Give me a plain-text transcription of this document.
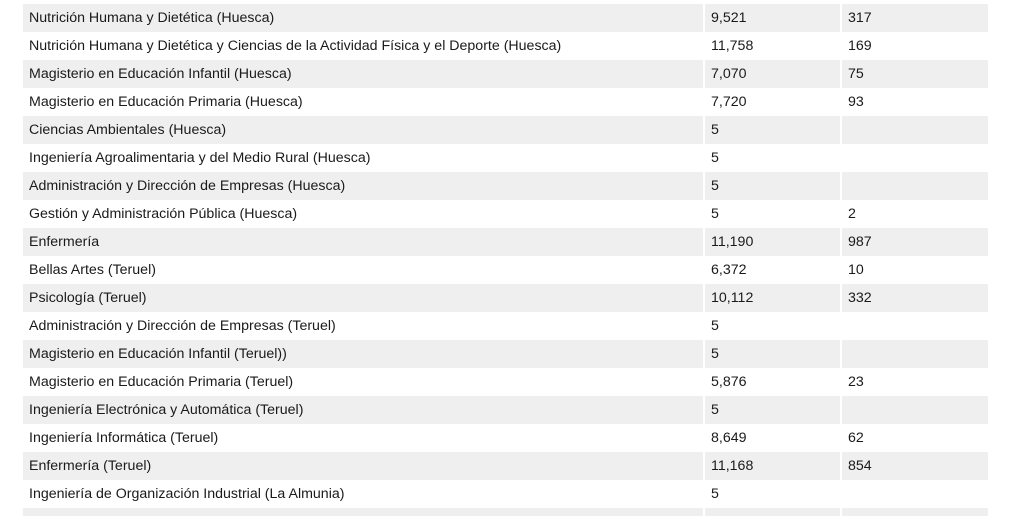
Nutrición Humana y Dietética (Huesca)	9,521	317
Nutrición Humana y Dietética y Ciencias de la Actividad Física y el Deporte (Huesca)	11,758	169
Magisterio en Educación Infantil (Huesca)	7,070	75
Magisterio en Educación Primaria (Huesca)	7,720	93
Ciencias Ambientales (Huesca)	5	
Ingeniería Agroalimentaria y del Medio Rural (Huesca)	5	
Administración y Dirección de Empresas (Huesca)	5	
Gestión y Administración Pública (Huesca)	5	2
Enfermería	11,190	987
Bellas Artes (Teruel)	6,372	10
Psicología (Teruel)	10,112	332
Administración y Dirección de Empresas (Teruel)	5	
Magisterio en Educación Infantil (Teruel))	5	
Magisterio en Educación Primaria (Teruel)	5,876	23
Ingeniería Electrónica y Automática (Teruel)	5	
Ingeniería Informática (Teruel)	8,649	62
Enfermería (Teruel)	11,168	854
Ingeniería de Organización Industrial (La Almunia)	5	
